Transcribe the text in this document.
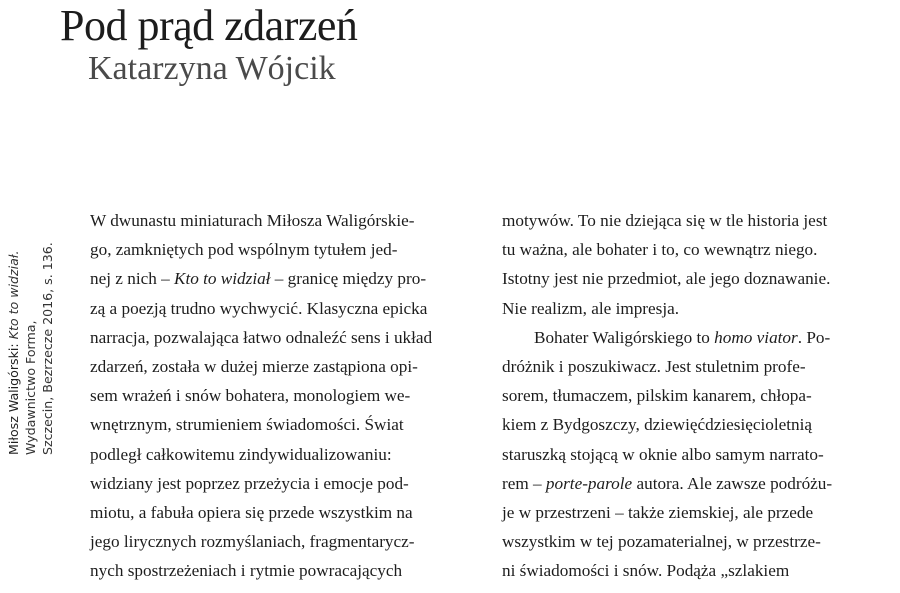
Pod prąd zdarzeń
Katarzyna Wójcik
Miłosz Waligórski: Kto to widział.
Wydawnictwo Forma, Szczecin, Bezrzecze 2016, s. 136.
W dwunastu miniaturach Miłosza Waligórskie-
go, zamkniętych pod wspólnym tytułem jed-
nej z nich – Kto to widział – granicę między pro-
zą a poezją trudno wychwycić. Klasyczna epicka
narracja, pozwalająca łatwo odnaleźć sens i układ
zdarzeń, została w dużej mierze zastąpiona opi-
sem wrażeń i snów bohatera, monologiem we-
wnętrznym, strumieniem świadomości. Świat
podległ całkowitemu zindywidualizowaniu:
widziany jest poprzez przeżycia i emocje pod-
miotu, a fabuła opiera się przede wszystkim na
jego lirycznych rozmyślaniach, fragmentarycz-
nych spostrzeżeniach i rytmie powracających
motywów. To nie dziejąca się w tle historia jest
tu ważna, ale bohater i to, co wewnątrz niego.
Istotny jest nie przedmiot, ale jego doznawanie.
Nie realizm, ale impresja.
Bohater Waligórskiego to homo viator. Po-
dróżnik i poszukiwacz. Jest stuletnim profe-
sorem, tłumaczem, pilskim kanarem, chłopa-
kiem z Bydgoszczy, dziewięćdziesięcioletnią
staruszką stojącą w oknie albo samym narrato-
rem – porte-parole autora. Ale zawsze podróżu-
je w przestrzeni – także ziemskiej, ale przede
wszystkim w tej pozamaterialnej, w przestrze-
ni świadomości i snów. Podąża „szlakiem
